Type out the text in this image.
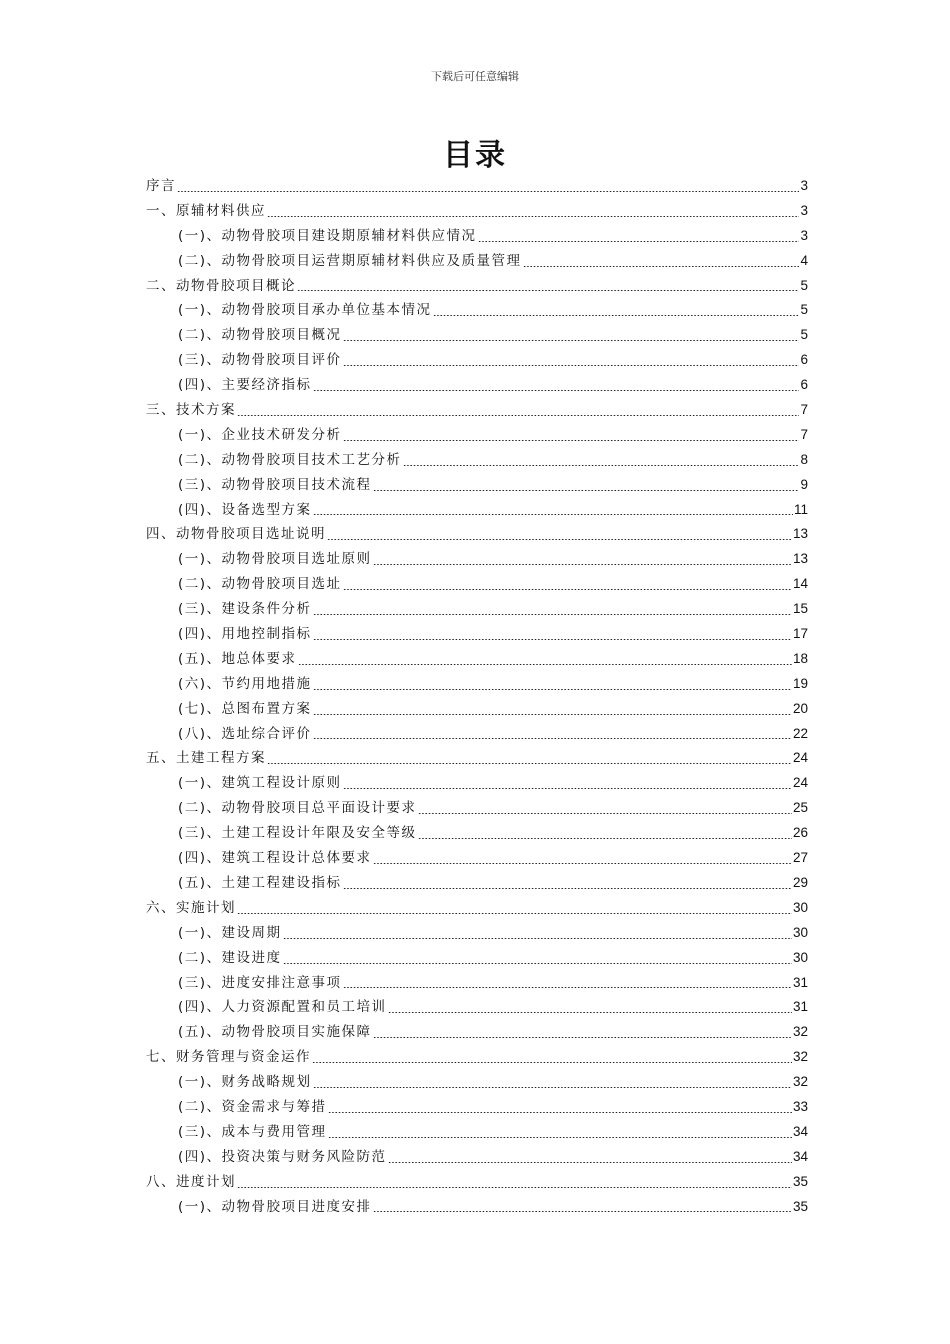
下载后可任意编辑
目录
序言	3
一、原辅材料供应	3
(一)、动物骨胶项目建设期原辅材料供应情况	3
(二)、动物骨胶项目运营期原辅材料供应及质量管理	4
二、动物骨胶项目概论	5
(一)、动物骨胶项目承办单位基本情况	5
(二)、动物骨胶项目概况	5
(三)、动物骨胶项目评价	6
(四)、主要经济指标	6
三、技术方案	7
(一)、企业技术研发分析	7
(二)、动物骨胶项目技术工艺分析	8
(三)、动物骨胶项目技术流程	9
(四)、设备选型方案	11
四、动物骨胶项目选址说明	13
(一)、动物骨胶项目选址原则	13
(二)、动物骨胶项目选址	14
(三)、建设条件分析	15
(四)、用地控制指标	17
(五)、地总体要求	18
(六)、节约用地措施	19
(七)、总图布置方案	20
(八)、选址综合评价	22
五、土建工程方案	24
(一)、建筑工程设计原则	24
(二)、动物骨胶项目总平面设计要求	25
(三)、土建工程设计年限及安全等级	26
(四)、建筑工程设计总体要求	27
(五)、土建工程建设指标	29
六、实施计划	30
(一)、建设周期	30
(二)、建设进度	30
(三)、进度安排注意事项	31
(四)、人力资源配置和员工培训	31
(五)、动物骨胶项目实施保障	32
七、财务管理与资金运作	32
(一)、财务战略规划	32
(二)、资金需求与筹措	33
(三)、成本与费用管理	34
(四)、投资决策与财务风险防范	34
八、进度计划	35
(一)、动物骨胶项目进度安排	35
